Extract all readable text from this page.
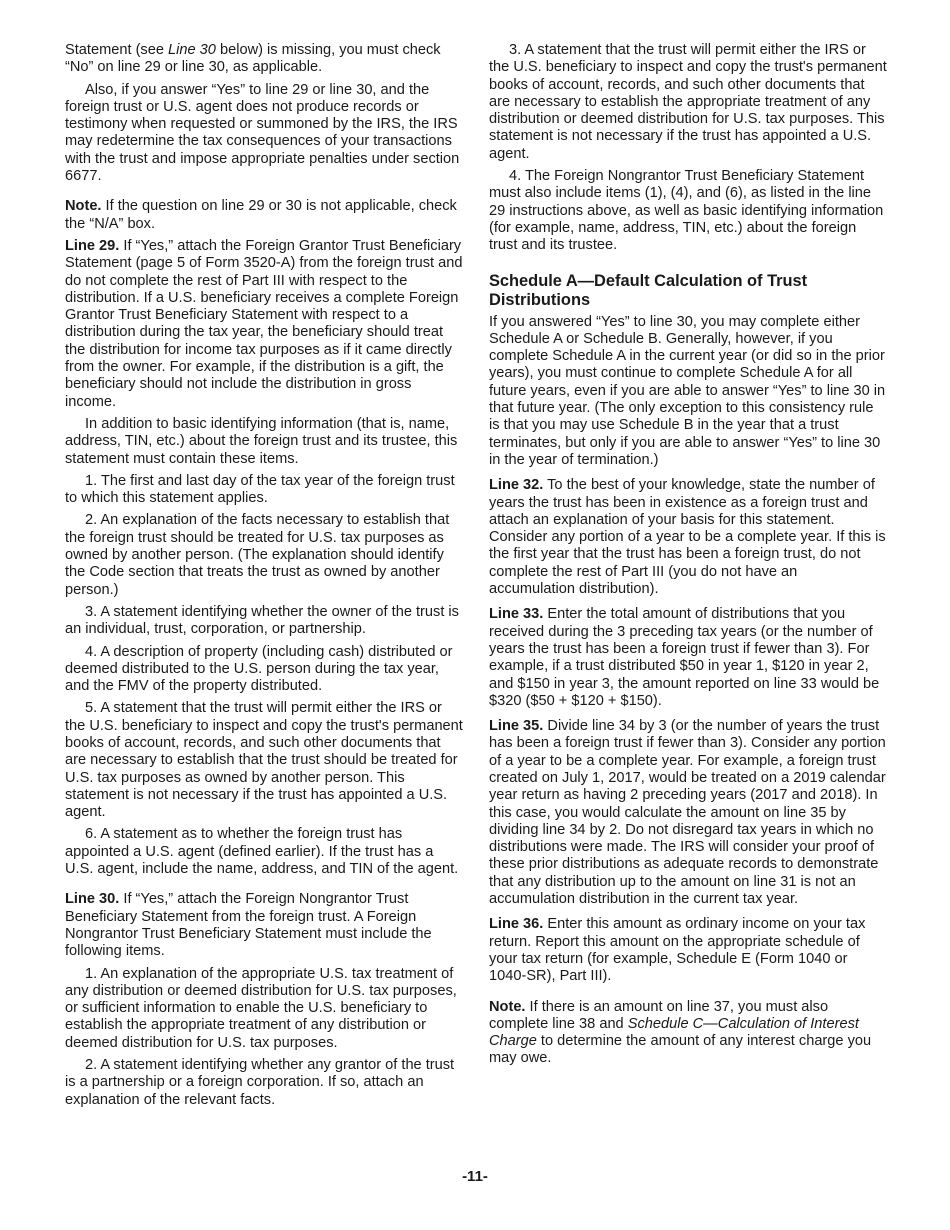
Statement (see Line 30 below) is missing, you must check “No” on line 29 or line 30, as applicable.

Also, if you answer “Yes” to line 29 or line 30, and the foreign trust or U.S. agent does not produce records or testimony when requested or summoned by the IRS, the IRS may redetermine the tax consequences of your transactions with the trust and impose appropriate penalties under section 6677.

Note. If the question on line 29 or 30 is not applicable, check the “N/A” box.

Line 29. If “Yes,” attach the Foreign Grantor Trust Beneficiary Statement (page 5 of Form 3520-A) from the foreign trust and do not complete the rest of Part III with respect to the distribution. If a U.S. beneficiary receives a complete Foreign Grantor Trust Beneficiary Statement with respect to a distribution during the tax year, the beneficiary should treat the distribution for income tax purposes as if it came directly from the owner. For example, if the distribution is a gift, the beneficiary should not include the distribution in gross income.

In addition to basic identifying information (that is, name, address, TIN, etc.) about the foreign trust and its trustee, this statement must contain these items.

1. The first and last day of the tax year of the foreign trust to which this statement applies.

2. An explanation of the facts necessary to establish that the foreign trust should be treated for U.S. tax purposes as owned by another person. (The explanation should identify the Code section that treats the trust as owned by another person.)

3. A statement identifying whether the owner of the trust is an individual, trust, corporation, or partnership.

4. A description of property (including cash) distributed or deemed distributed to the U.S. person during the tax year, and the FMV of the property distributed.

5. A statement that the trust will permit either the IRS or the U.S. beneficiary to inspect and copy the trust's permanent books of account, records, and such other documents that are necessary to establish that the trust should be treated for U.S. tax purposes as owned by another person. This statement is not necessary if the trust has appointed a U.S. agent.

6. A statement as to whether the foreign trust has appointed a U.S. agent (defined earlier). If the trust has a U.S. agent, include the name, address, and TIN of the agent.

Line 30. If “Yes,” attach the Foreign Nongrantor Trust Beneficiary Statement from the foreign trust. A Foreign Nongrantor Trust Beneficiary Statement must include the following items.

1. An explanation of the appropriate U.S. tax treatment of any distribution or deemed distribution for U.S. tax purposes, or sufficient information to enable the U.S. beneficiary to establish the appropriate treatment of any distribution or deemed distribution for U.S. tax purposes.

2. A statement identifying whether any grantor of the trust is a partnership or a foreign corporation. If so, attach an explanation of the relevant facts.

3. A statement that the trust will permit either the IRS or the U.S. beneficiary to inspect and copy the trust's permanent books of account, records, and such other documents that are necessary to establish the appropriate treatment of any distribution or deemed distribution for U.S. tax purposes. This statement is not necessary if the trust has appointed a U.S. agent.

4. The Foreign Nongrantor Trust Beneficiary Statement must also include items (1), (4), and (6), as listed in the line 29 instructions above, as well as basic identifying information (for example, name, address, TIN, etc.) about the foreign trust and its trustee.

Schedule A—Default Calculation of Trust Distributions

If you answered “Yes” to line 30, you may complete either Schedule A or Schedule B. Generally, however, if you complete Schedule A in the current year (or did so in the prior years), you must continue to complete Schedule A for all future years, even if you are able to answer “Yes” to line 30 in that future year. (The only exception to this consistency rule is that you may use Schedule B in the year that a trust terminates, but only if you are able to answer “Yes” to line 30 in the year of termination.)

Line 32. To the best of your knowledge, state the number of years the trust has been in existence as a foreign trust and attach an explanation of your basis for this statement. Consider any portion of a year to be a complete year. If this is the first year that the trust has been a foreign trust, do not complete the rest of Part III (you do not have an accumulation distribution).

Line 33. Enter the total amount of distributions that you received during the 3 preceding tax years (or the number of years the trust has been a foreign trust if fewer than 3). For example, if a trust distributed $50 in year 1, $120 in year 2, and $150 in year 3, the amount reported on line 33 would be $320 ($50 + $120 + $150).

Line 35. Divide line 34 by 3 (or the number of years the trust has been a foreign trust if fewer than 3). Consider any portion of a year to be a complete year. For example, a foreign trust created on July 1, 2017, would be treated on a 2019 calendar year return as having 2 preceding years (2017 and 2018). In this case, you would calculate the amount on line 35 by dividing line 34 by 2. Do not disregard tax years in which no distributions were made. The IRS will consider your proof of these prior distributions as adequate records to demonstrate that any distribution up to the amount on line 31 is not an accumulation distribution in the current tax year.

Line 36. Enter this amount as ordinary income on your tax return. Report this amount on the appropriate schedule of your tax return (for example, Schedule E (Form 1040 or 1040-SR), Part III).

Note. If there is an amount on line 37, you must also complete line 38 and Schedule C—Calculation of Interest Charge to determine the amount of any interest charge you may owe.

-11-
